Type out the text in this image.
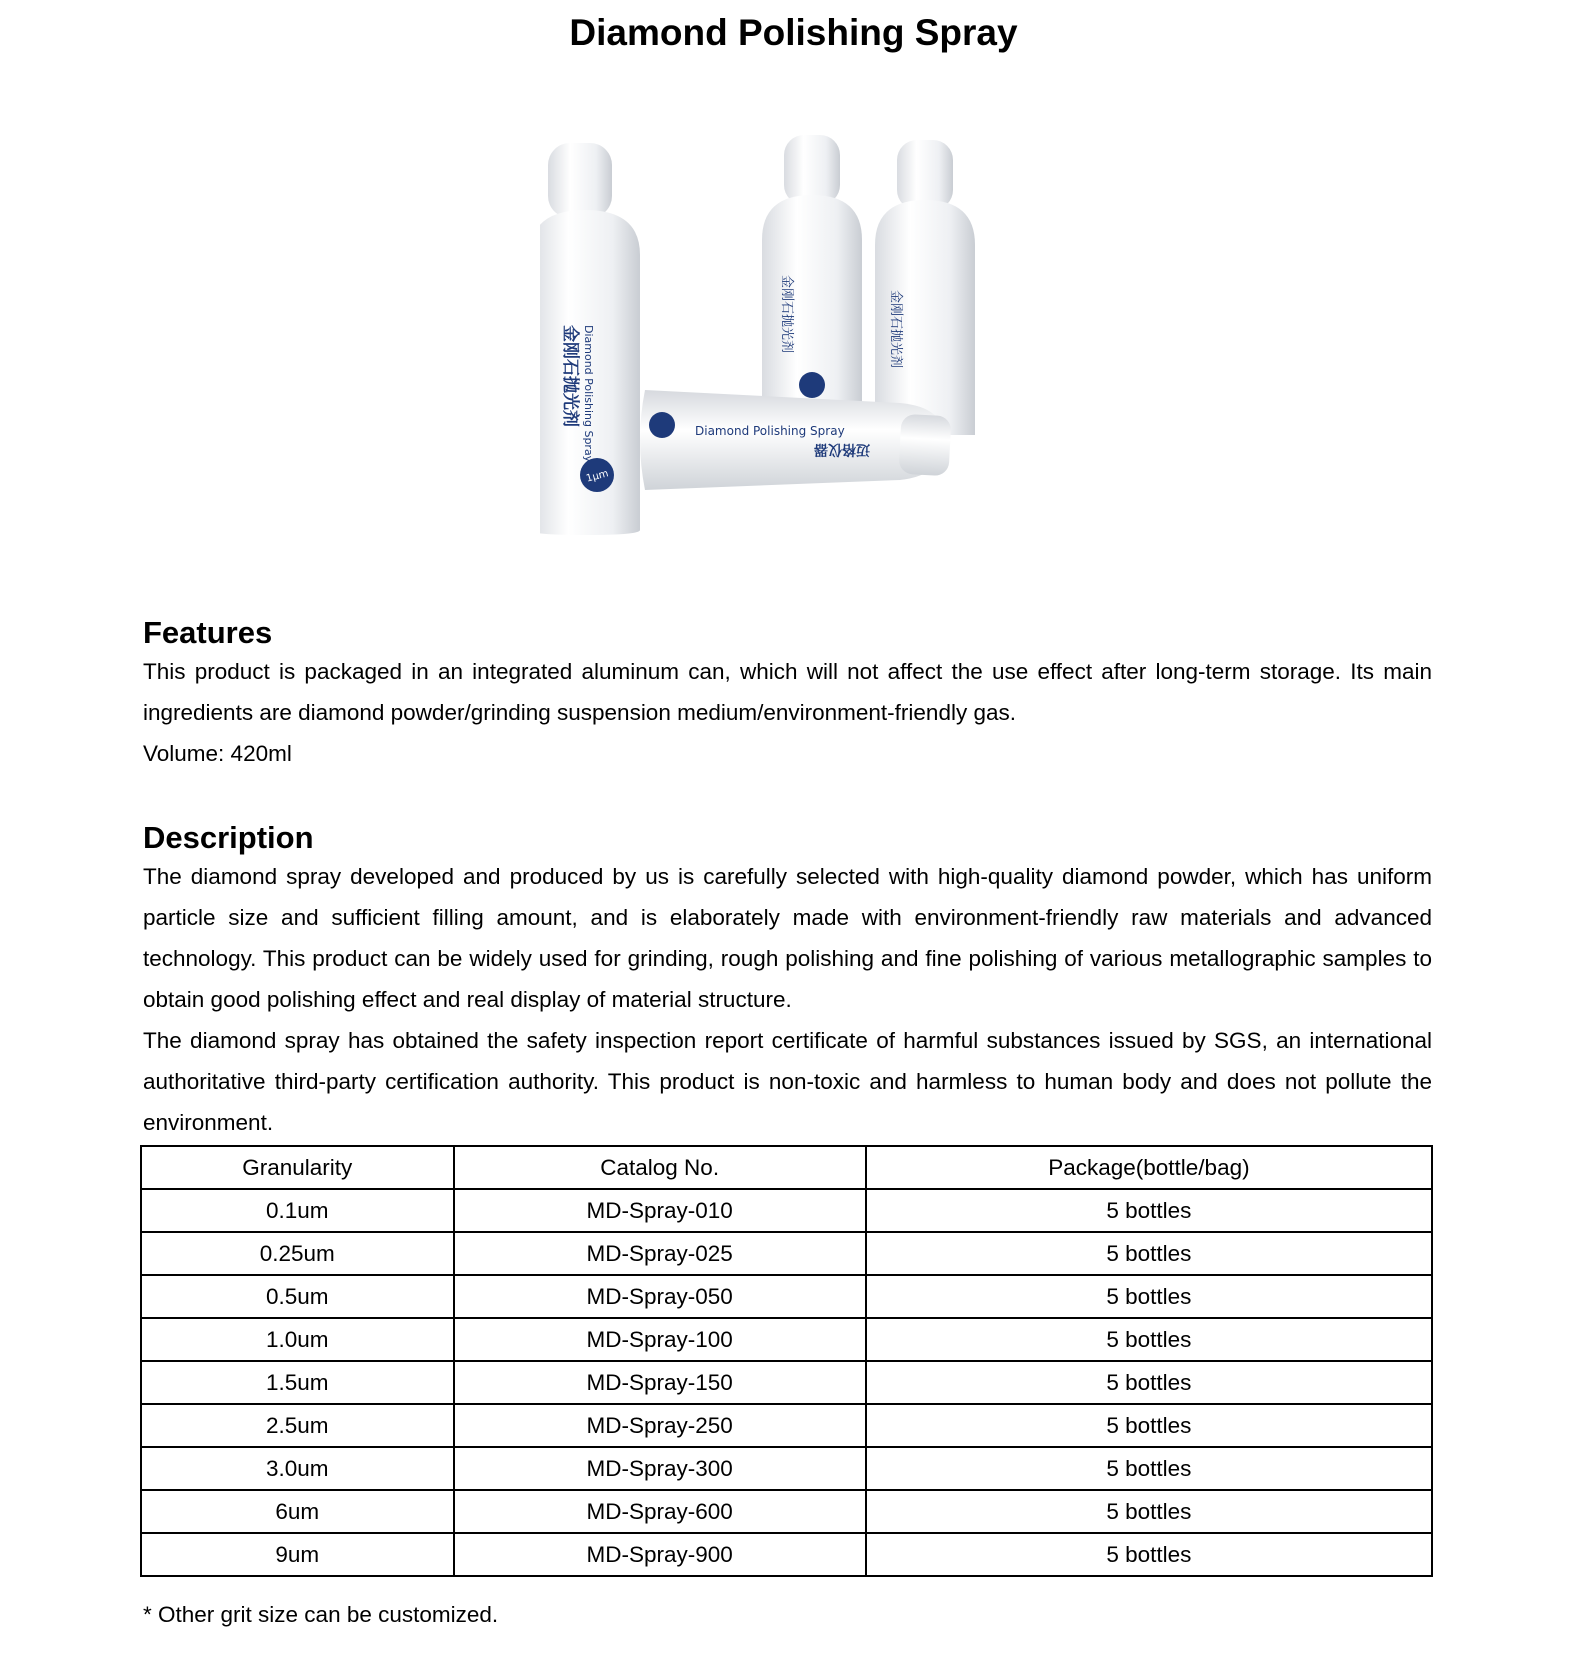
Diamond Polishing Spray
金刚石抛光剂
金刚石抛光剂
Diamond Polishing Spray
迈格仪器
金刚石抛光剂 Diamond Polishing Spray
1μm
Features

This product is packaged in an integrated aluminum can, which will not affect the use effect after long-term storage. Its main ingredients are diamond powder/grinding suspension medium/environment-friendly gas.

Volume: 420ml

Description

The diamond spray developed and produced by us is carefully selected with high-quality diamond powder, which has uniform particle size and sufficient filling amount, and is elaborately made with environment-friendly raw materials and advanced technology. This product can be widely used for grinding, rough polishing and fine polishing of various metallographic samples to obtain good polishing effect and real display of material structure.

The diamond spray has obtained the safety inspection report certificate of harmful substances issued by SGS, an international authoritative third-party certification authority. This product is non-toxic and harmless to human body and does not pollute the environment.

Granularity	Catalog No.	Package(bottle/bag)
0.1um	MD-Spray-010	5 bottles
0.25um	MD-Spray-025	5 bottles
0.5um	MD-Spray-050	5 bottles
1.0um	MD-Spray-100	5 bottles
1.5um	MD-Spray-150	5 bottles
2.5um	MD-Spray-250	5 bottles
3.0um	MD-Spray-300	5 bottles
6um	MD-Spray-600	5 bottles
9um	MD-Spray-900	5 bottles

* Other grit size can be customized.
